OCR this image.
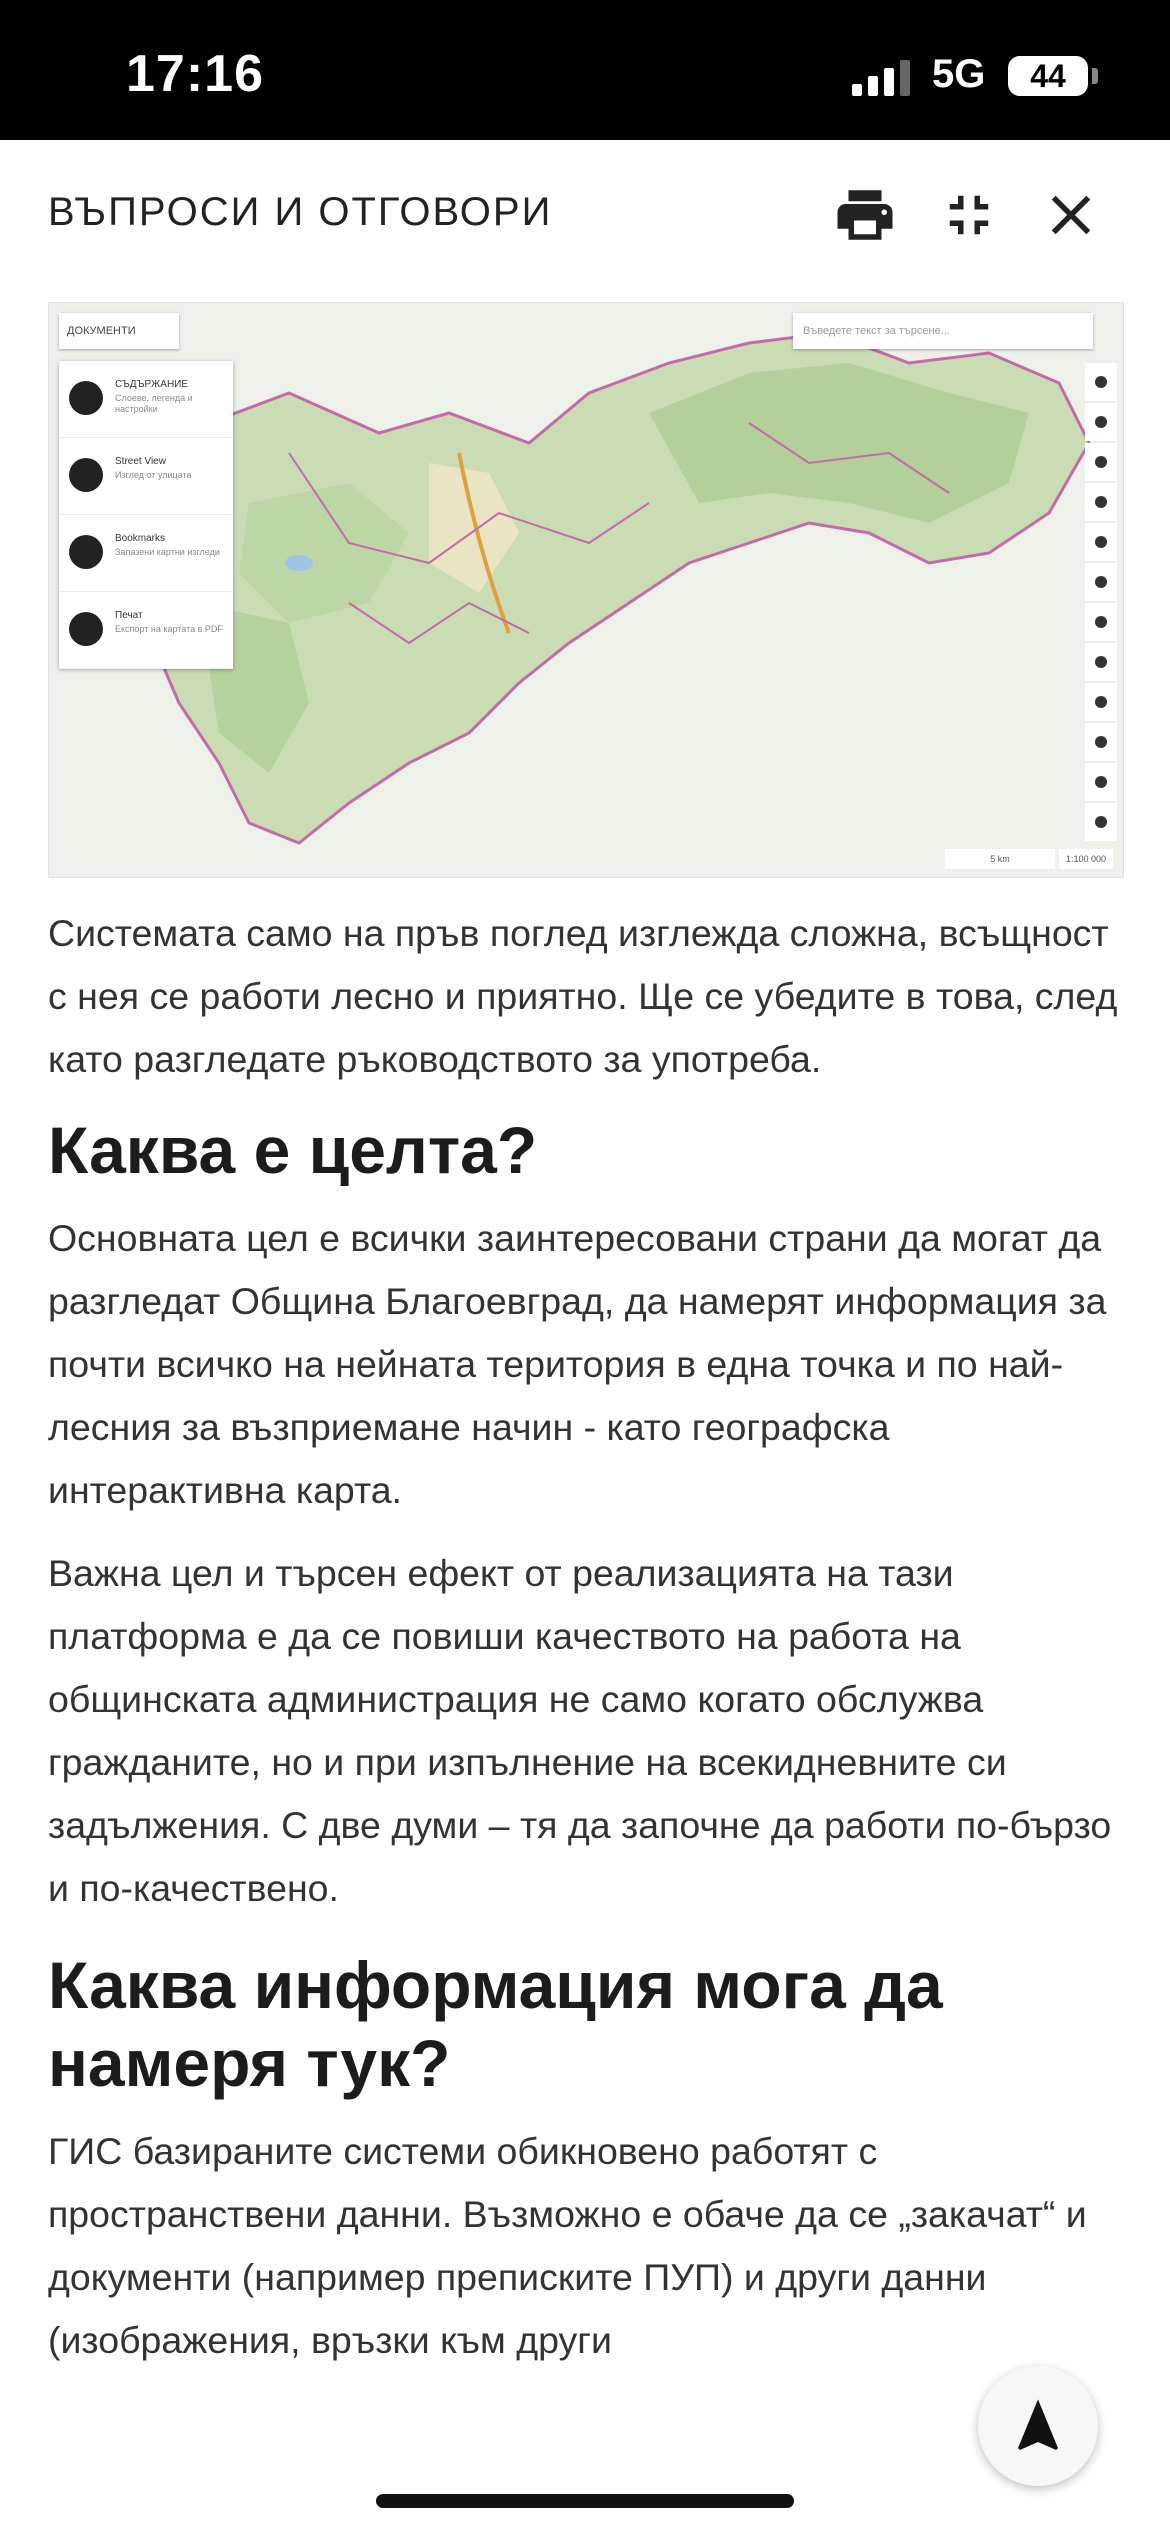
17:16	5G	44
ВЪПРОСИ И ОТГОВОРИ
ДОКУМЕНТИ
СЪДЪРЖАНИЕ
Слоеве, легенда и настройки
Street View
Изглед от улицата
Bookmarks
Запазени картни изгледи
Печат
Експорт на картата в PDF
Въведете текст за търсене...
5 km	1:100 000

Системата само на пръв поглед изглежда сложна, всъщност с нея се работи лесно и приятно. Ще се убедите в това, след като разгледате ръководството за употреба.

Каква е целта?

Основната цел е всички заинтересовани страни да могат да разгледат Община Благоевград, да намерят информация за почти всичко на нейната територия в една точка и по най-лесния за възприемане начин - като географска интерактивна карта.

Важна цел и търсен ефект от реализацията на тази платформа е да се повиши качеството на работа на общинската администрация не само когато обслужва гражданите, но и при изпълнение на всекидневните си задължения. С две думи – тя да започне да работи по-бързо и по-качествено.

Каква информация мога да намеря тук?

ГИС базираните системи обикновено работят с пространствени данни. Възможно е обаче да се „закачат“ и документи (например преписките ПУП) и други данни (изображения, връзки към други
